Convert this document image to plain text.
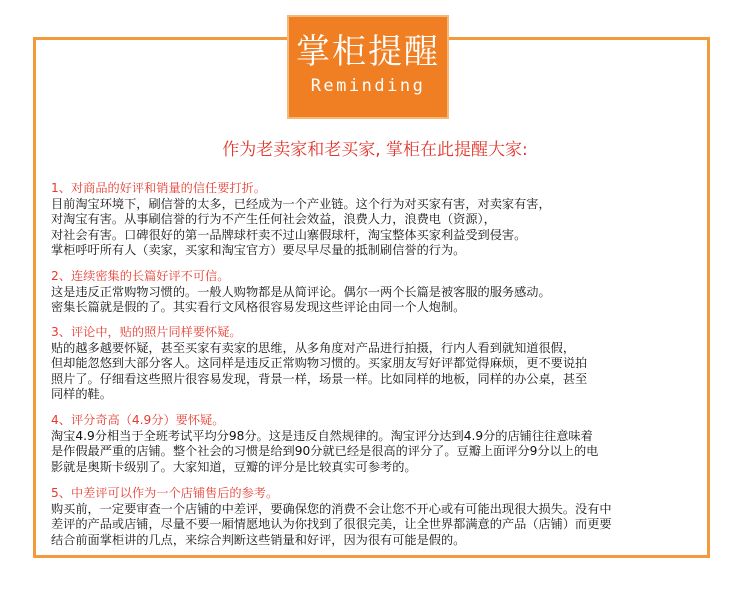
掌柜提醒
Reminding
作为老卖家和老买家, 掌柜在此提醒大家:
1、对商品的好评和销量的信任要打折。
目前淘宝环境下，刷信誉的太多，已经成为一个产业链。这个行为对买家有害，对卖家有害，
对淘宝有害。从事刷信誉的行为不产生任何社会效益，浪费人力，浪费电（资源），
对社会有害。口碑很好的第一品牌球杆卖不过山寨假球杆，淘宝整体买家利益受到侵害。
掌柜呼吁所有人（卖家，买家和淘宝官方）要尽早尽量的抵制刷信誉的行为。
2、连续密集的长篇好评不可信。
这是违反正常购物习惯的。一般人购物都是从简评论。偶尔一两个长篇是被客服的服务感动。
密集长篇就是假的了。其实看行文风格很容易发现这些评论由同一个人炮制。
3、评论中，贴的照片同样要怀疑。
贴的越多越要怀疑，甚至买家有卖家的思维，从多角度对产品进行拍摄，行内人看到就知道很假，
但却能忽悠到大部分客人。这同样是违反正常购物习惯的。买家朋友写好评都觉得麻烦，更不要说拍
照片了。仔细看这些照片很容易发现，背景一样，场景一样。比如同样的地板，同样的办公桌，甚至
同样的鞋。
4、评分奇高（4.9分）要怀疑。
淘宝4.9分相当于全班考试平均分98分。这是违反自然规律的。淘宝评分达到4.9分的店铺往往意味着
是作假最严重的店铺。整个社会的习惯是给到90分就已经是很高的评分了。豆瓣上面评分9分以上的电
影就是奥斯卡级别了。大家知道，豆瓣的评分是比较真实可参考的。
5、中差评可以作为一个店铺售后的参考。
购买前，一定要审查一个店铺的中差评，要确保您的消费不会让您不开心或有可能出现很大损失。没有中
差评的产品或店铺，尽量不要一厢情愿地认为你找到了很很完美，让全世界都满意的产品（店铺）而更要
结合前面掌柜讲的几点，来综合判断这些销量和好评，因为很有可能是假的。
